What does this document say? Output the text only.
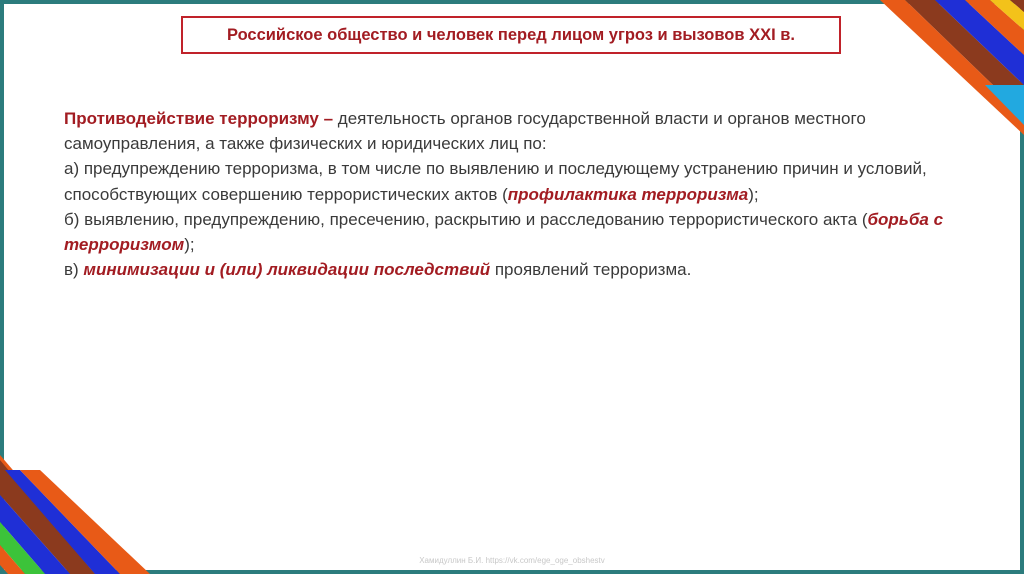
Российское общество и человек перед лицом угроз и вызовов XXI в.

Противодействие терроризму – деятельность органов государственной власти и органов местного самоуправления, а также физических и юридических лиц по:

а) предупреждению терроризма, в том числе по выявлению и последующему устранению причин и условий, способствующих совершению террористических актов (профилактика терроризма);

б) выявлению, предупреждению, пресечению, раскрытию и расследованию террористического акта (борьба с терроризмом);

в) минимизации и (или) ликвидации последствий проявлений терроризма.

Хамидуллин Б.И. https://vk.com/ege_oge_obshestv
